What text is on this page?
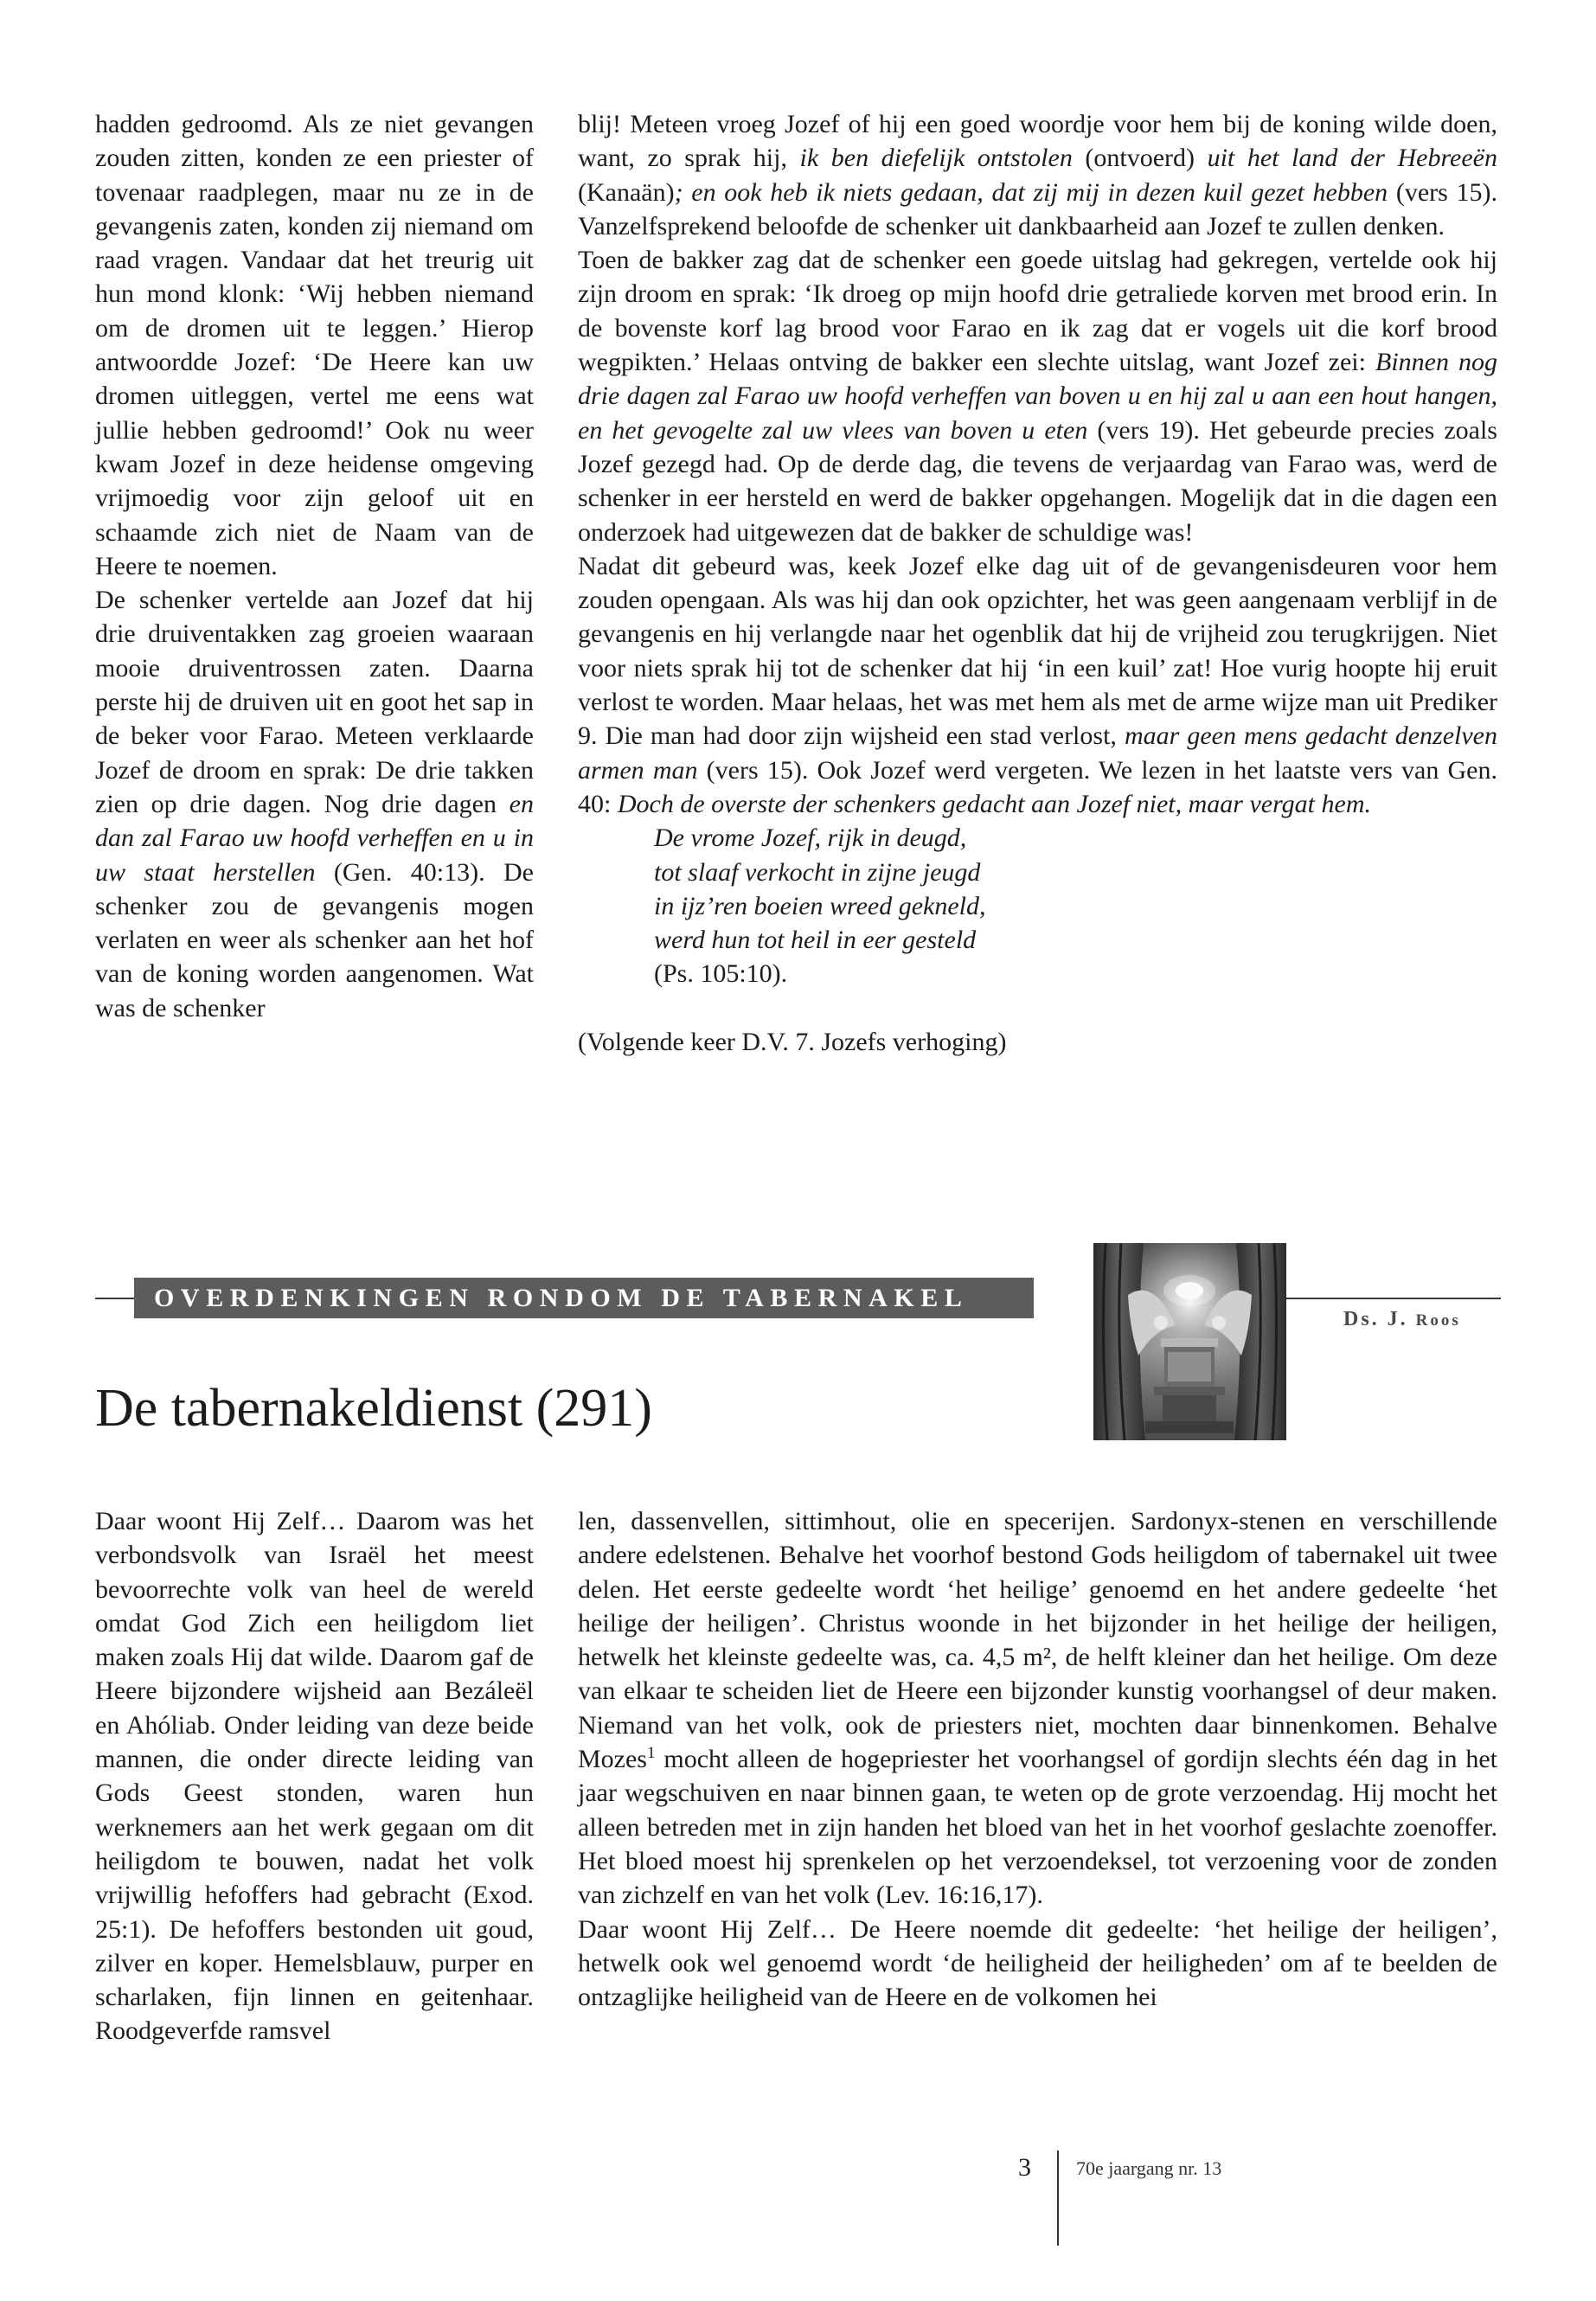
hadden gedroomd. Als ze niet gevangen zouden zitten, konden ze een priester of tovenaar raadplegen, maar nu ze in de gevangenis zaten, konden zij niemand om raad vragen. Vandaar dat het treurig uit hun mond klonk: ‘Wij hebben niemand om de dromen uit te leggen.’ Hierop antwoordde Jozef: ‘De Heere kan uw dromen uitleggen, vertel me eens wat jullie hebben gedroomd!’ Ook nu weer kwam Jozef in deze heidense omgeving vrijmoedig voor zijn geloof uit en schaamde zich niet de Naam van de Heere te noemen.

De schenker vertelde aan Jozef dat hij drie druiventakken zag groeien waaraan mooie druiventrossen zaten. Daarna perste hij de druiven uit en goot het sap in de beker voor Farao. Meteen verklaarde Jozef de droom en sprak: De drie takken zien op drie dagen. Nog drie dagen en dan zal Farao uw hoofd verheffen en u in uw staat herstellen (Gen. 40:13). De schenker zou de gevangenis mogen verlaten en weer als schenker aan het hof van de koning worden aangenomen. Wat was de schenker

blij! Meteen vroeg Jozef of hij een goed woordje voor hem bij de koning wilde doen, want, zo sprak hij, ik ben diefelijk ontstolen (ontvoerd) uit het land der Hebreeën (Kanaän); en ook heb ik niets gedaan, dat zij mij in dezen kuil gezet hebben (vers 15). Vanzelfsprekend beloofde de schenker uit dankbaarheid aan Jozef te zullen denken.

Toen de bakker zag dat de schenker een goede uitslag had gekregen, vertelde ook hij zijn droom en sprak: ‘Ik droeg op mijn hoofd drie getraliede korven met brood erin. In de bovenste korf lag brood voor Farao en ik zag dat er vogels uit die korf brood wegpikten.’ Helaas ontving de bakker een slechte uitslag, want Jozef zei: Binnen nog drie dagen zal Farao uw hoofd verheffen van boven u en hij zal u aan een hout hangen, en het gevogelte zal uw vlees van boven u eten (vers 19). Het gebeurde precies zoals Jozef gezegd had. Op de derde dag, die tevens de verjaardag van Farao was, werd de schenker in eer hersteld en werd de bakker opgehangen. Mogelijk dat in die dagen een onderzoek had uitgewezen dat de bakker de schuldige was!

Nadat dit gebeurd was, keek Jozef elke dag uit of de gevangenisdeuren voor hem zouden opengaan. Als was hij dan ook opzichter, het was geen aangenaam verblijf in de gevangenis en hij verlangde naar het ogenblik dat hij de vrijheid zou terugkrijgen. Niet voor niets sprak hij tot de schenker dat hij ‘in een kuil’ zat! Hoe vurig hoopte hij eruit verlost te worden. Maar helaas, het was met hem als met de arme wijze man uit Prediker 9. Die man had door zijn wijsheid een stad verlost, maar geen mens gedacht denzelven armen man (vers 15). Ook Jozef werd vergeten. We lezen in het laatste vers van Gen. 40: Doch de overste der schenkers gedacht aan Jozef niet, maar vergat hem.

De vrome Jozef, rijk in deugd,
tot slaaf verkocht in zijne jeugd
in ijz’ren boeien wreed gekneld,
werd hun tot heil in eer gesteld
(Ps. 105:10).

(Volgende keer D.V. 7. Jozefs verhoging)

OVERDENKINGEN RONDOM DE TABERNAKEL
Ds. J. Roos
De tabernakeldienst (291)

Daar woont Hij Zelf… Daarom was het verbondsvolk van Israël het meest bevoorrechte volk van heel de wereld omdat God Zich een heiligdom liet maken zoals Hij dat wilde. Daarom gaf de Heere bijzondere wijsheid aan Bezáleël en Ahóliab. Onder leiding van deze beide mannen, die onder directe leiding van Gods Geest stonden, waren hun werknemers aan het werk gegaan om dit heiligdom te bouwen, nadat het volk vrijwillig hefoffers had gebracht (Exod. 25:1). De hefoffers bestonden uit goud, zilver en koper. Hemelsblauw, purper en scharlaken, fijn linnen en geitenhaar. Roodgeverfde ramsvel

len, dassenvellen, sittimhout, olie en specerijen. Sardonyx-stenen en verschillende andere edelstenen. Behalve het voorhof bestond Gods heiligdom of tabernakel uit twee delen. Het eerste gedeelte wordt ‘het heilige’ genoemd en het andere gedeelte ‘het heilige der heiligen’. Christus woonde in het bijzonder in het heilige der heiligen, hetwelk het kleinste gedeelte was, ca. 4,5 m², de helft kleiner dan het heilige. Om deze van elkaar te scheiden liet de Heere een bijzonder kunstig voorhangsel of deur maken. Niemand van het volk, ook de priesters niet, mochten daar binnenkomen. Behalve Mozes$^1$ mocht alleen de hogepriester het voorhangsel of gordijn slechts één dag in het jaar wegschuiven en naar binnen gaan, te weten op de grote verzoendag. Hij mocht het alleen betreden met in zijn handen het bloed van het in het voorhof geslachte zoenoffer. Het bloed moest hij sprenkelen op het verzoendeksel, tot verzoening voor de zonden van zichzelf en van het volk (Lev. 16:16,17).

Daar woont Hij Zelf… De Heere noemde dit gedeelte: ‘het heilige der heiligen’, hetwelk ook wel genoemd wordt ‘de heiligheid der heiligheden’ om af te beelden de ontzaglijke heiligheid van de Heere en de volkomen hei

3 70e jaargang nr. 13
